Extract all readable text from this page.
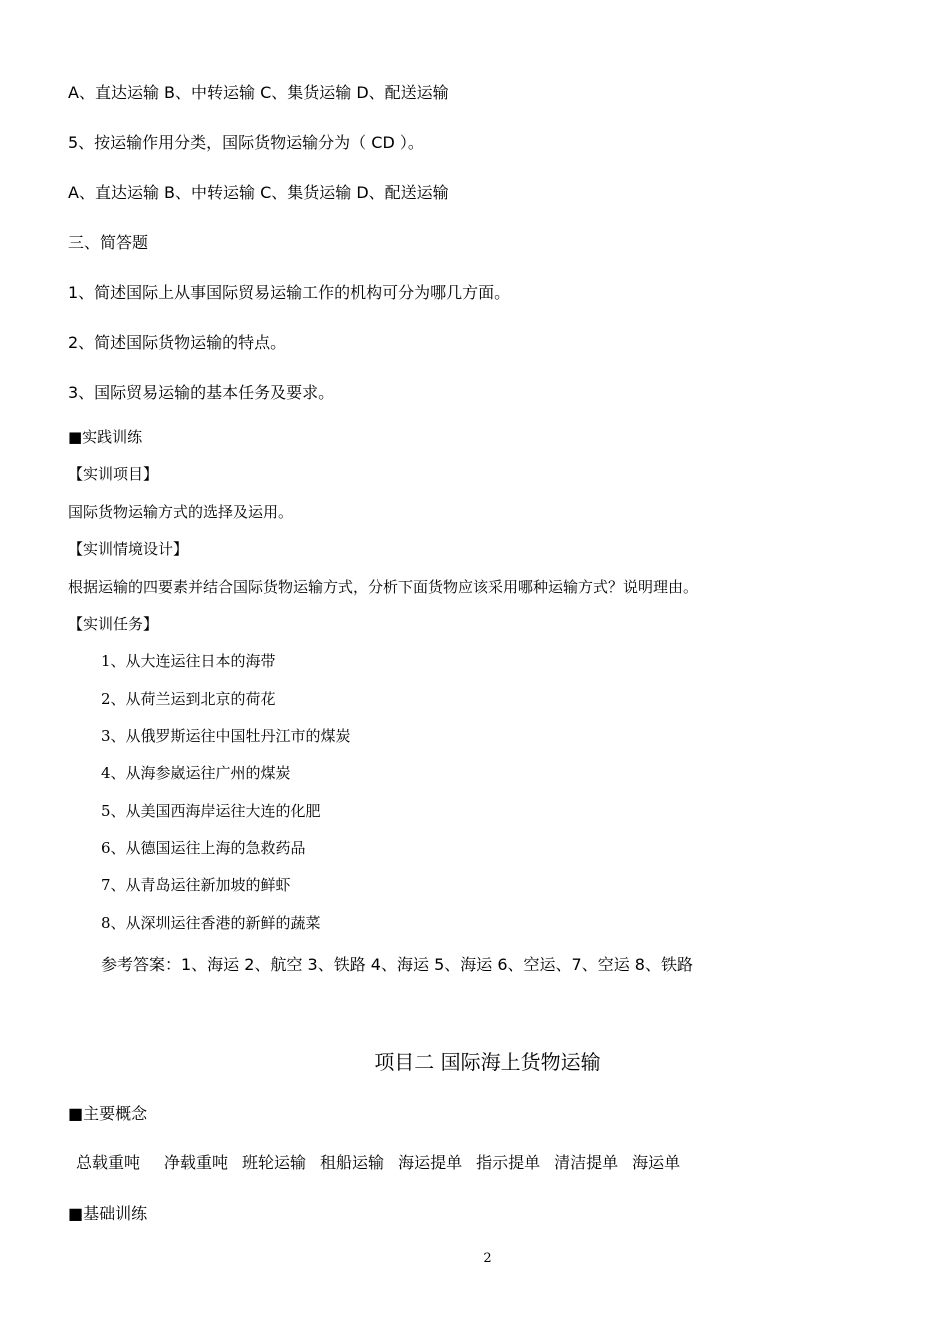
A、直达运输 B、中转运输 C、集货运输 D、配送运输
5、按运输作用分类，国际货物运输分为（ CD ）。
A、直达运输 B、中转运输 C、集货运输 D、配送运输
三、简答题
1、简述国际上从事国际贸易运输工作的机构可分为哪几方面。
2、简述国际货物运输的特点。
3、国际贸易运输的基本任务及要求。
■实践训练
【实训项目】
国际货物运输方式的选择及运用。
【实训情境设计】
根据运输的四要素并结合国际货物运输方式，分析下面货物应该采用哪种运输方式？说明理由。
【实训任务】
1、从大连运往日本的海带
2、从荷兰运到北京的荷花
3、从俄罗斯运往中国牡丹江市的煤炭
4、从海参崴运往广州的煤炭
5、从美国西海岸运往大连的化肥
6、从德国运往上海的急救药品
7、从青岛运往新加坡的鲜虾
8、从深圳运往香港的新鲜的蔬菜
参考答案：1、海运 2、航空 3、铁路 4、海运 5、海运 6、空运、7、空运 8、铁路
项目二 国际海上货物运输
■主要概念
总载重吨 净载重吨 班轮运输 租船运输 海运提单 指示提单 清洁提单 海运单
■基础训练
2
